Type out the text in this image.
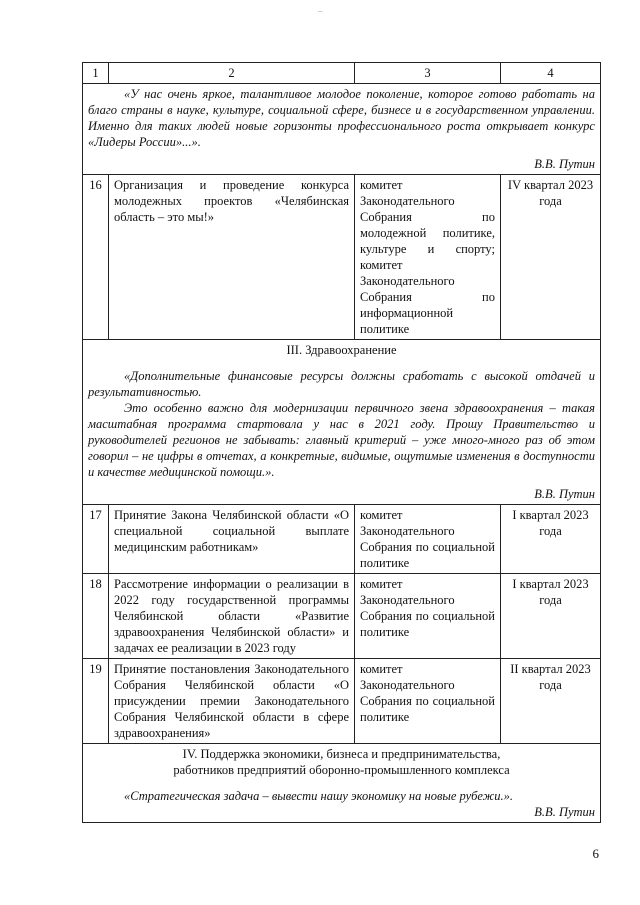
–
1	2	3	4

«У нас очень яркое, талантливое молодое поколение, которое готово работать на благо страны в науке, культуре, социальной сфере, бизнесе и в государственном управлении. Именно для таких людей новые горизонты профессионального роста открывает конкурс «Лидеры России»...».

В.В. Путин			

16	Организация и проведение конкурса молодежных проектов «Челябинская область – это мы!»	комитет Законодательного Собрания по молодежной политике, культуре и спорту; комитет Законодательного Собрания по информационной политике	IV квартал 2023 года

III. Здравоохранение

«Дополнительные финансовые ресурсы должны сработать с высокой отдачей и результативностью.

Это особенно важно для модернизации первичного звена здравоохранения – такая масштабная программа стартовала у нас в 2021 году. Прошу Правительство и руководителей регионов не забывать: главный критерий – уже много-много раз об этом говорил – не цифры в отчетах, а конкретные, видимые, ощутимые изменения в доступности и качестве медицинской помощи.».

В.В. Путин			

17	Принятие Закона Челябинской области «О специальной социальной выплате медицинским работникам»	комитет Законодательного Собрания по социальной политике	I квартал 2023 года
18	Рассмотрение информации о реализации в 2022 году государственной программы Челябинской области «Развитие здравоохранения Челябинской области» и задачах ее реализации в 2023 году	комитет Законодательного Собрания по социальной политике	I квартал 2023 года
19	Принятие постановления Законодательного Собрания Челябинской области «О присуждении премии Законодательного Собрания Челябинской области в сфере здравоохранения»	комитет Законодательного Собрания по социальной политике	II квартал 2023 года

IV. Поддержка экономики, бизнеса и предпринимательства,

работников предприятий оборонно-промышленного комплекса

«Стратегическая задача – вывести нашу экономику на новые рубежи.».

В.В. Путин			

6
